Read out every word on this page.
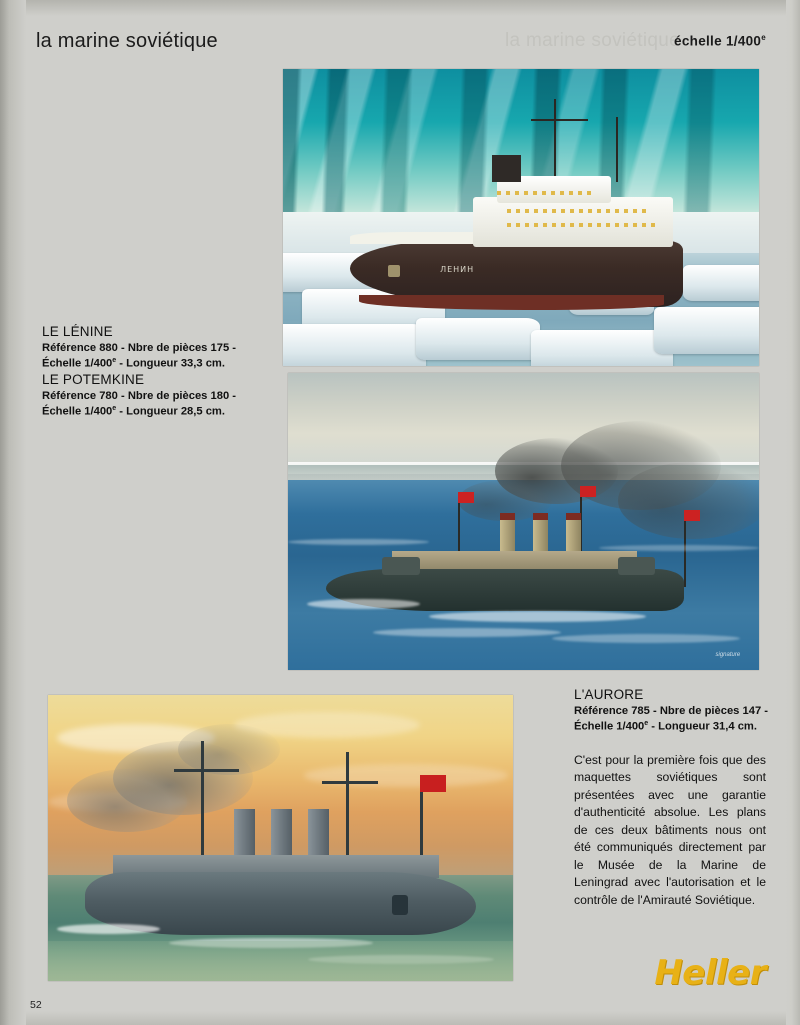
la marine soviétique
la marine soviétique	échelle 1/400e
ЛЕНИН
LE LÉNINE
Référence 880 - Nbre de pièces 175 -
Échelle 1/400e - Longueur 33,3 cm.
LE POTEMKINE
Référence 780 - Nbre de pièces 180 -
Échelle 1/400e - Longueur 28,5 cm.
signature
L'AURORE
Référence 785 - Nbre de pièces 147 -
Échelle 1/400e - Longueur 31,4 cm.
C'est pour la première fois que des maquettes soviétiques sont présentées avec une garantie d'authenticité absolue. Les plans de ces deux bâtiments nous ont été communiqués directement par le Musée de la Marine de Leningrad avec l'autorisation et le contrôle de l'Amirauté Soviétique.
52
Heller
